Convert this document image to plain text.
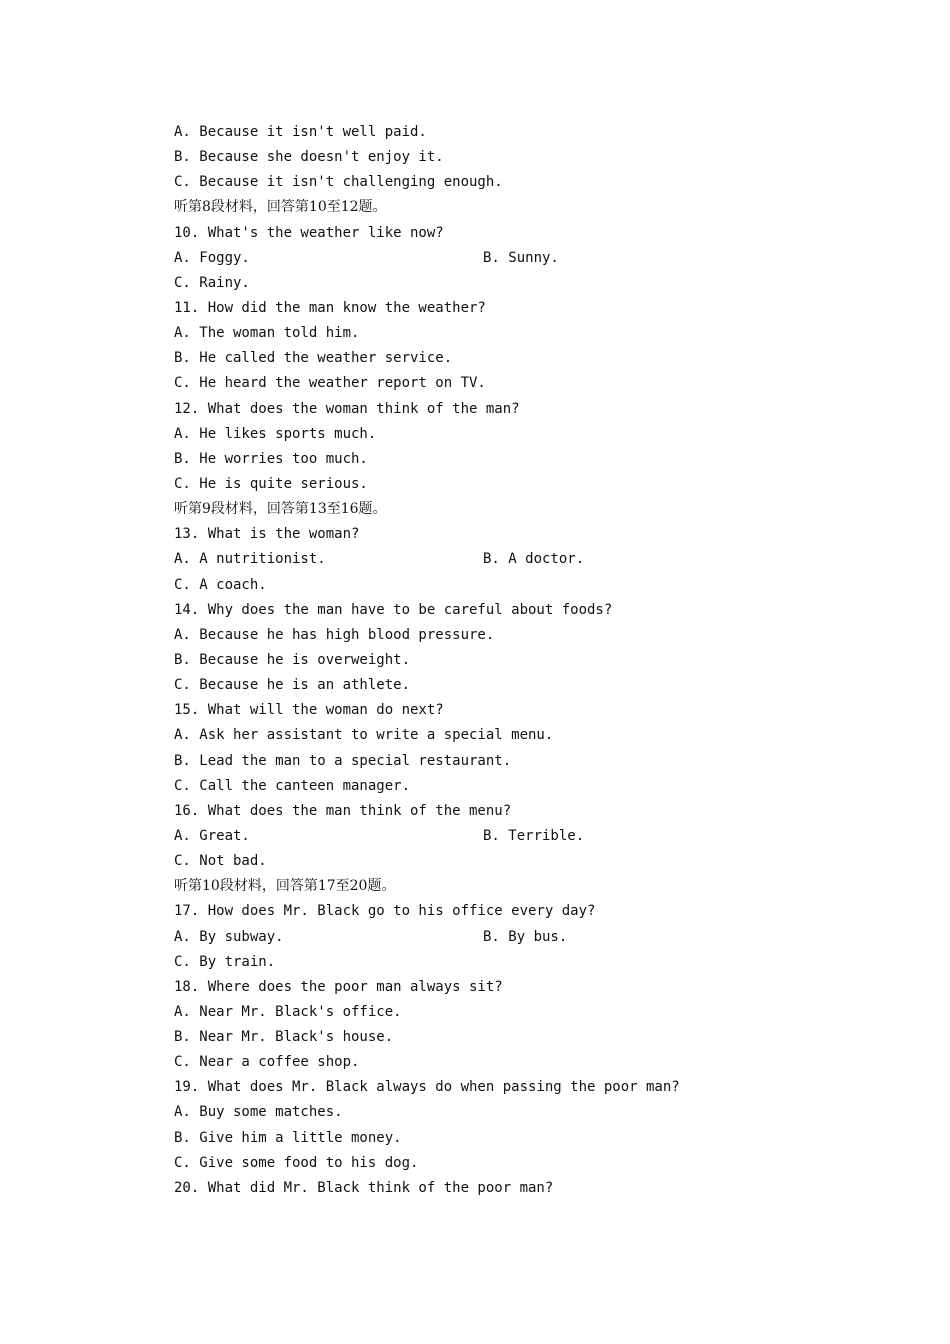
A. Because it isn't well paid.
B. Because she doesn't enjoy it.
C. Because it isn't challenging enough.
听第8段材料，回答第10至12题。
10. What's the weather like now?
A. Foggy.	B. Sunny.
C. Rainy.
11. How did the man know the weather?
A. The woman told him.
B. He called the weather service.
C. He heard the weather report on TV.
12. What does the woman think of the man?
A. He likes sports much.
B. He worries too much.
C. He is quite serious.
听第9段材料，回答第13至16题。
13. What is the woman?
A. A nutritionist.	B. A doctor.
C. A coach.
14. Why does the man have to be careful about foods?
A. Because he has high blood pressure.
B. Because he is overweight.
C. Because he is an athlete.
15. What will the woman do next?
A. Ask her assistant to write a special menu.
B. Lead the man to a special restaurant.
C. Call the canteen manager.
16. What does the man think of the menu?
A. Great.	B. Terrible.
C. Not bad.
听第10段材料，回答第17至20题。
17. How does Mr. Black go to his office every day?
A. By subway.	B. By bus.
C. By train.
18. Where does the poor man always sit?
A. Near Mr. Black's office.
B. Near Mr. Black's house.
C. Near a coffee shop.
19. What does Mr. Black always do when passing the poor man?
A. Buy some matches.
B. Give him a little money.
C. Give some food to his dog.
20. What did Mr. Black think of the poor man?
